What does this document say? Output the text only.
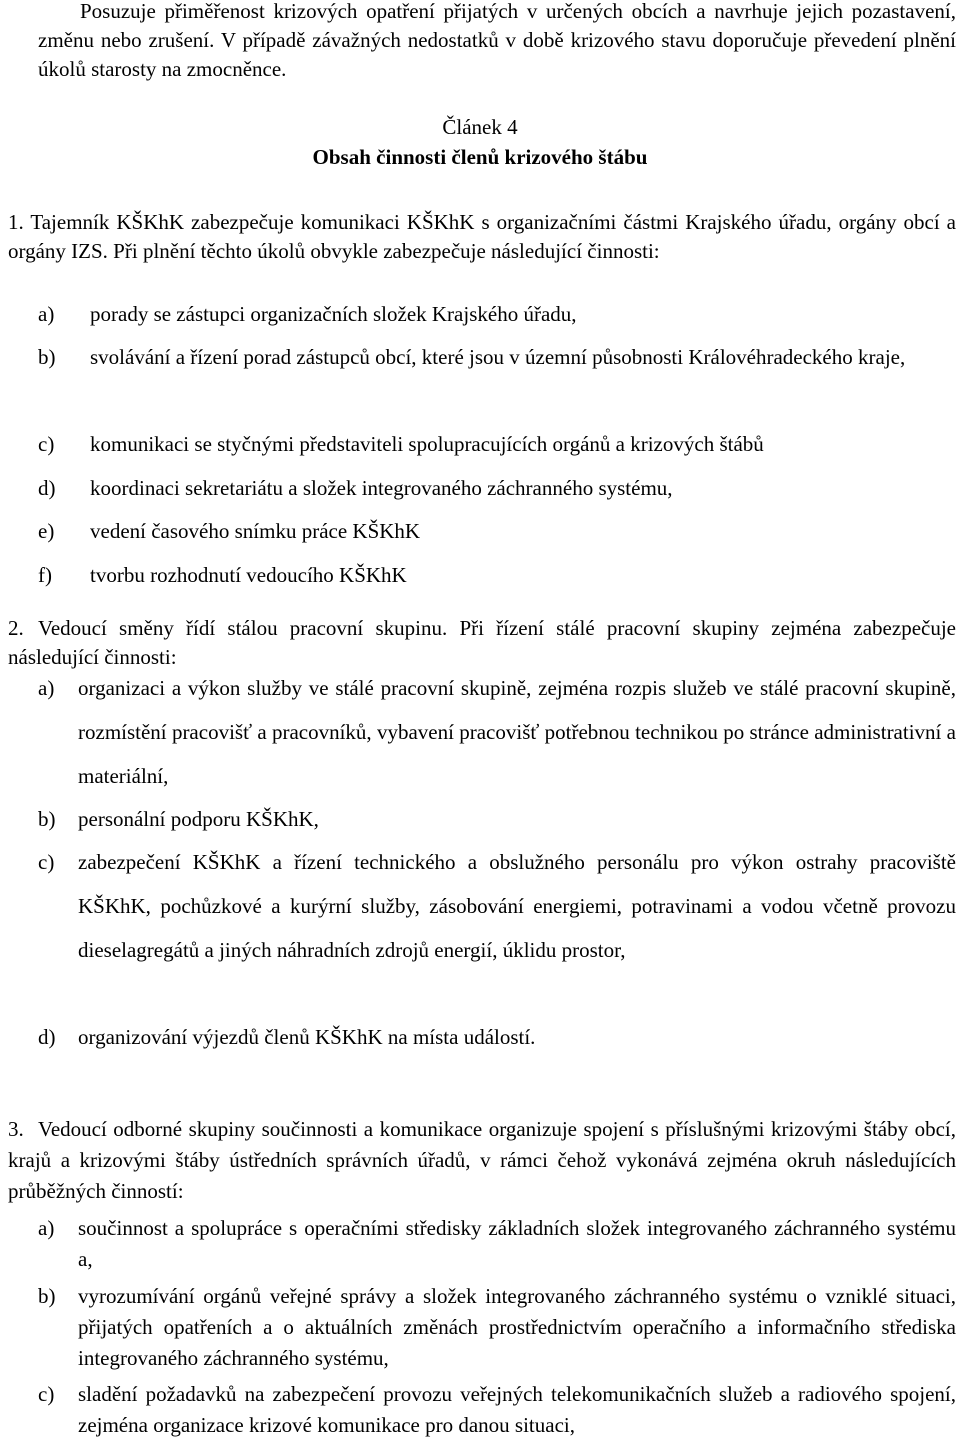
Posuzuje přiměřenost krizových opatření přijatých v určených obcích a navrhuje jejich pozastavení, změnu nebo zrušení. V případě závažných nedostatků v době krizového stavu doporučuje převedení plnění úkolů starosty na zmocněnce.

Článek 4

Obsah činnosti členů krizového štábu

1. Tajemník KŠKhK zabezpečuje komunikaci KŠKhK s organizačními částmi Krajského úřadu, orgány obcí a orgány IZS. Při plnění těchto úkolů obvykle zabezpečuje následující činnosti:

a) porady se zástupci organizačních složek Krajského úřadu,
b) svolávání a řízení porad zástupců obcí, které jsou v územní působnosti Královéhradeckého kraje,
c) komunikaci se styčnými představiteli spolupracujících orgánů a krizových štábů
d) koordinaci sekretariátu a složek integrovaného záchranného systému,
e) vedení časového snímku práce KŠKhK
f) tvorbu rozhodnutí vedoucího KŠKhK
2. Vedoucí směny řídí stálou pracovní skupinu. Při řízení stálé pracovní skupiny zejména zabezpečuje následující činnosti:
a) organizaci a výkon služby ve stálé pracovní skupině, zejména rozpis služeb ve stálé pracovní skupině, rozmístění pracovišť a pracovníků, vybavení pracovišť potřebnou technikou po stránce administrativní a materiální,
b) personální podporu KŠKhK,
c) zabezpečení KŠKhK a řízení technického a obslužného personálu pro výkon ostrahy pracoviště KŠKhK, pochůzkové a kurýrní služby, zásobování energiemi, potravinami a vodou včetně provozu dieselagregátů a jiných náhradních zdrojů energií, úklidu prostor,
d) organizování výjezdů členů KŠKhK na místa událostí.
3. Vedoucí odborné skupiny součinnosti a komunikace organizuje spojení s příslušnými krizovými štáby obcí, krajů a krizovými štáby ústředních správních úřadů, v rámci čehož vykonává zejména okruh následujících průběžných činností:
a) součinnost a spolupráce s operačními středisky základních složek integrovaného záchranného systému a,
b) vyrozumívání orgánů veřejné správy a složek integrovaného záchranného systému o vzniklé situaci, přijatých opatřeních a o aktuálních změnách prostřednictvím operačního a informačního střediska integrovaného záchranného systému,
c) sladění požadavků na zabezpečení provozu veřejných telekomunikačních služeb a radiového spojení, zejména organizace krizové komunikace pro danou situaci,
